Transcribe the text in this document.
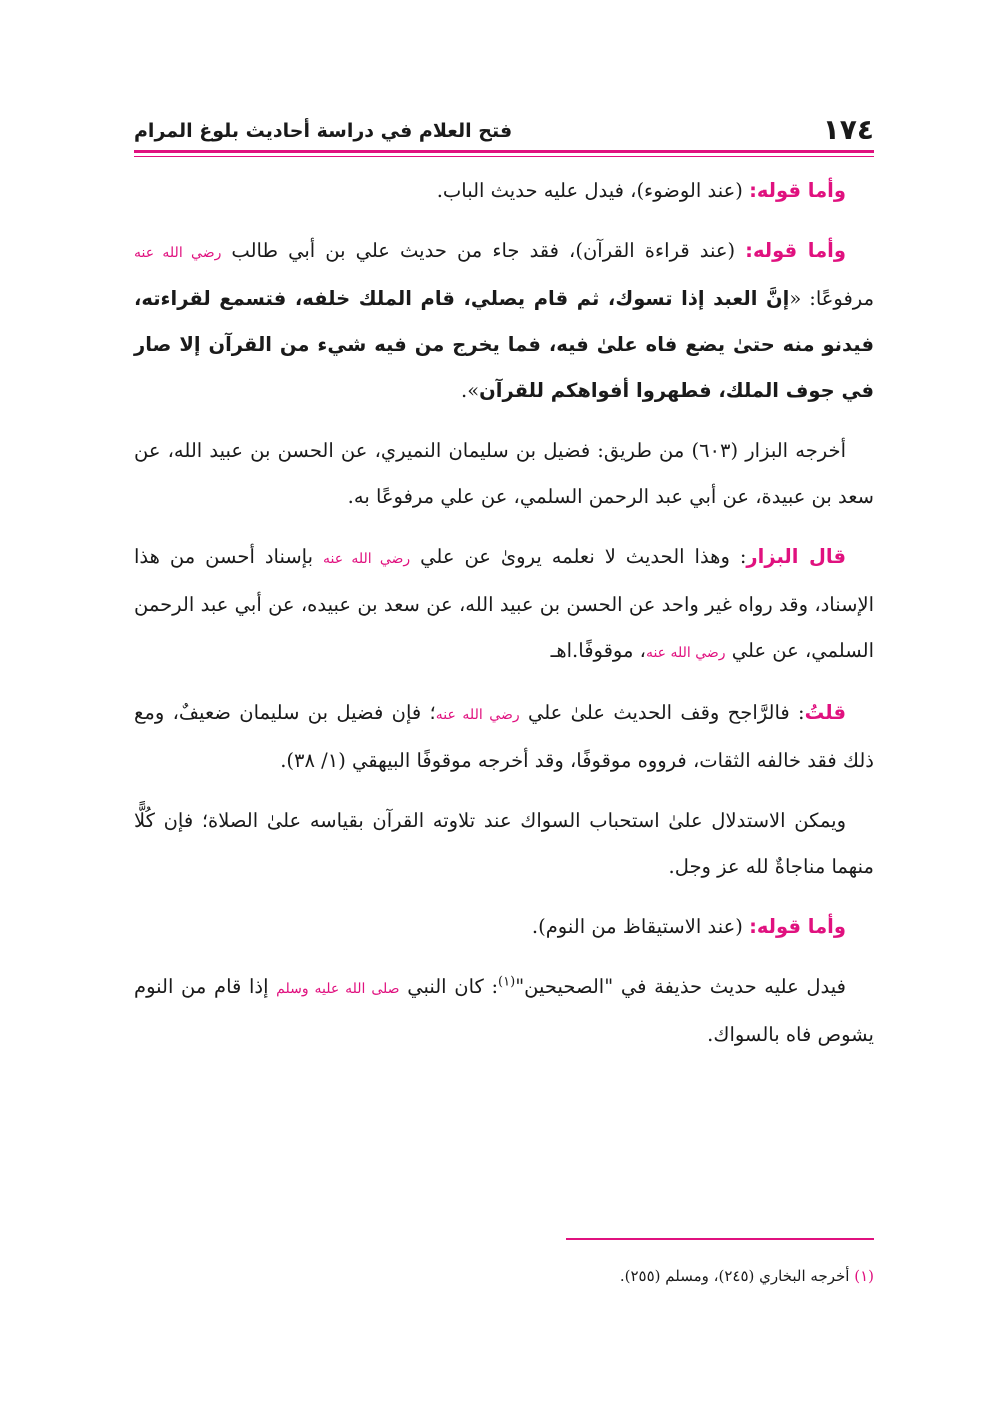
١٧٤
فتح العلام في دراسة أحاديث بلوغ المرام

وأما قوله: (عند الوضوء)، فيدل عليه حديث الباب.

وأما قوله: (عند قراءة القرآن)، فقد جاء من حديث علي بن أبي طالب رضي الله عنه مرفوعًا: «إنَّ العبد إذا تسوك، ثم قام يصلي، قام الملك خلفه، فتسمع لقراءته، فيدنو منه حتىٰ يضع فاه علىٰ فيه، فما يخرج من فيه شيء من القرآن إلا صار في جوف الملك، فطهروا أفواهكم للقرآن».

أخرجه البزار (٦٠٣) من طريق: فضيل بن سليمان النميري، عن الحسن بن عبيد الله، عن سعد بن عبيدة، عن أبي عبد الرحمن السلمي، عن علي مرفوعًا به.

قال البزار: وهذا الحديث لا نعلمه يرویٰ عن علي رضي الله عنه بإسناد أحسن من هذا الإسناد، وقد رواه غير واحد عن الحسن بن عبيد الله، عن سعد بن عبيده، عن أبي عبد الرحمن السلمي، عن علي رضي الله عنه، موقوفًا.اهـ

قلتُ: فالرَّاجح وقف الحديث علىٰ علي رضي الله عنه؛ فإن فضيل بن سليمان ضعيفٌ، ومع ذلك فقد خالفه الثقات، فرووه موقوفًا، وقد أخرجه موقوفًا البيهقي (١/ ٣٨).

ويمكن الاستدلال علىٰ استحباب السواك عند تلاوته القرآن بقياسه علىٰ الصلاة؛ فإن كُلًّا منهما مناجاةٌ لله عز وجل.

وأما قوله: (عند الاستيقاظ من النوم).

فيدل عليه حديث حذيفة في "الصحيحين"$^{(١)}$: كان النبي صلى الله عليه وسلم إذا قام من النوم يشوص فاه بالسواك.

(١) أخرجه البخاري (٢٤٥)، ومسلم (٢٥٥).
